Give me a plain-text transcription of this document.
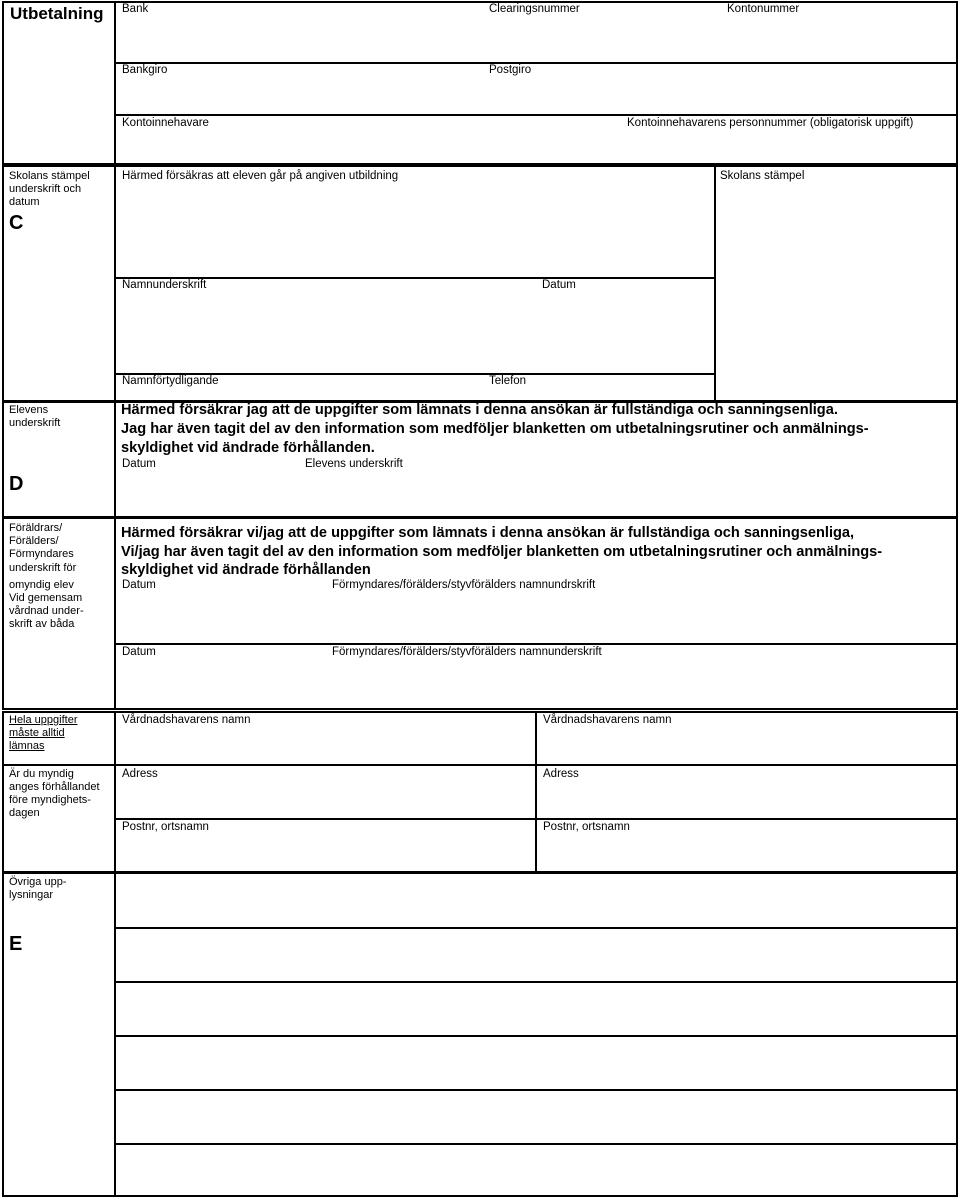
Utbetalning Bank	Clearingsnummer	Kontonummer
Bankgiro	Postgiro
Kontoinnehavare	Kontoinnehavarens personnummer (obligatorisk uppgift)
Skolans stämpel
underskrift och
datum
C
Härmed försäkras att eleven går på angiven utbildning	Skolans stämpel
Namnunderskrift	Datum
Namnförtydligande	Telefon
Elevens
underskrift
D
Härmed försäkrar jag att de uppgifter som lämnats i denna ansökan är fullständiga och sanningsenliga.
Jag har även tagit del av den information som medföljer blanketten om utbetalningsrutiner och anmälnings-
skyldighet vid ändrade förhållanden.
Datum	Elevens underskrift
Föräldrars/
Förälders/
Förmyndares
underskrift för
omyndig elev
Vid gemensam
vårdnad under-
skrift av båda
Härmed försäkrar vi/jag att de uppgifter som lämnats i denna ansökan är fullständiga och sanningsenliga,
Vi/jag har även tagit del av den information som medföljer blanketten om utbetalningsrutiner och anmälnings-
skyldighet vid ändrade förhållanden
Datum	Förmyndares/förälders/styvförälders namnundrskrift
Datum	Förmyndares/förälders/styvförälders namnunderskrift
Hela uppgifter
måste alltid
lämnas
Är du myndig
anges förhållandet
före myndighets-
dagen
Vårdnadshavarens namn	Vårdnadshavarens namn
Adress	Adress
Postnr, ortsnamn	Postnr, ortsnamn
Övriga upp-
lysningar
E
